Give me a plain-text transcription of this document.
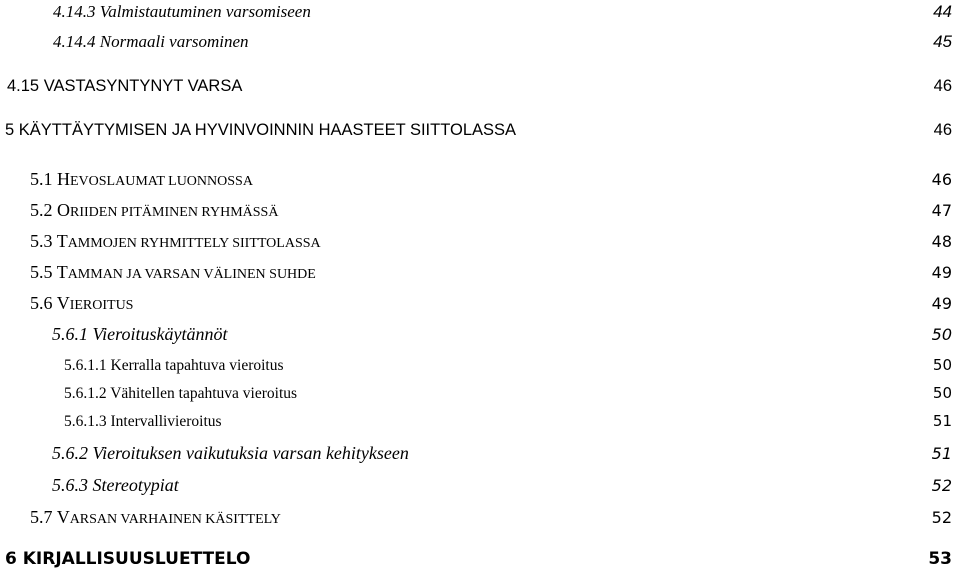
4.14.3 Valmistautuminen varsomiseen	44
4.14.4 Normaali varsominen	45
4.15 VASTASYNTYNYT VARSA	46
5 KÄYTTÄYTYMISEN JA HYVINVOINNIN HAASTEET SIITTOLASSA	46
5.1 HEVOSLAUMAT LUONNOSSA	46
5.2 ORIIDEN PITÄMINEN RYHMÄSSÄ	47
5.3 TAMMOJEN RYHMITTELY SIITTOLASSA	48
5.5 TAMMAN JA VARSAN VÄLINEN SUHDE	49
5.6 VIEROITUS	49
5.6.1 Vieroituskäytännöt	50
5.6.1.1 Kerralla tapahtuva vieroitus	50
5.6.1.2 Vähitellen tapahtuva vieroitus	50
5.6.1.3 Intervallivieroitus	51
5.6.2 Vieroituksen vaikutuksia varsan kehitykseen	51
5.6.3 Stereotypiat	52
5.7 VARSAN VARHAINEN KÄSITTELY	52
6 KIRJALLISUUSLUETTELO	53
